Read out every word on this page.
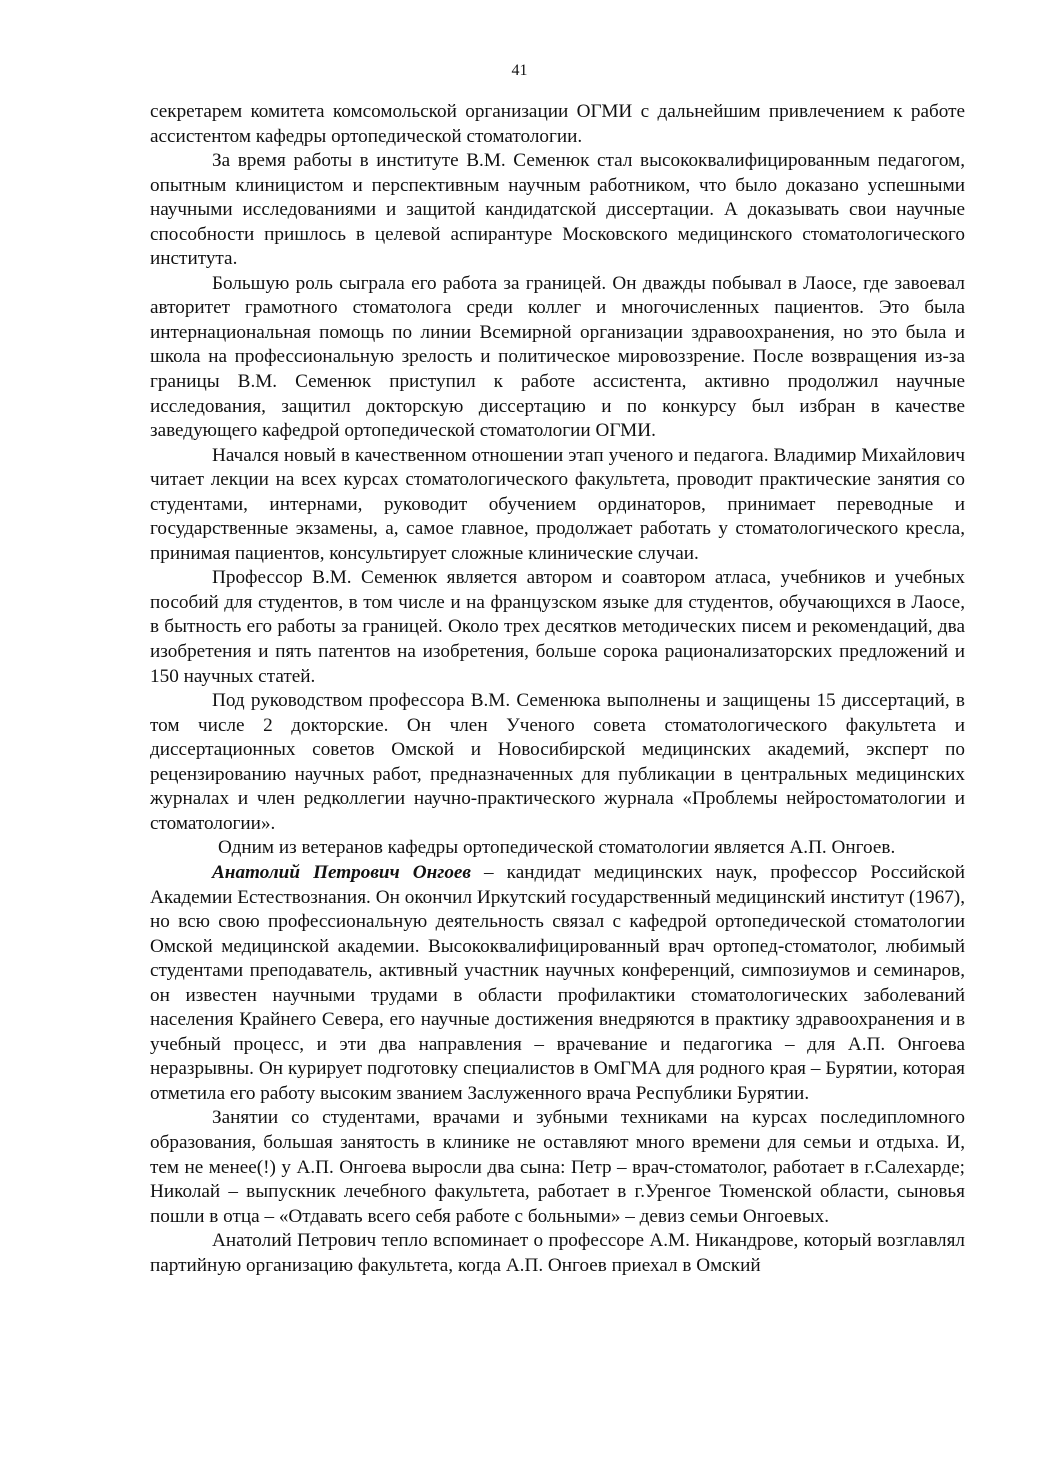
41

секретарем комитета комсомольской организации ОГМИ с дальнейшим привлечением к работе ассистентом кафедры ортопедической стоматологии.

За время работы в институте В.М. Семенюк стал высококвалифицированным педагогом, опытным клиницистом и перспективным научным работником, что было доказано успешными научными исследованиями и защитой кандидатской диссертации. А доказывать свои научные способности пришлось в целевой аспирантуре Московского медицинского стоматологического института.

Большую роль сыграла его работа за границей. Он дважды побывал в Лаосе, где завоевал авторитет грамотного стоматолога среди коллег и многочисленных пациентов. Это была интернациональная помощь по линии Всемирной организации здравоохранения, но это была и школа на профессиональную зрелость и политическое мировоззрение. После возвращения из-за границы В.М. Семенюк приступил к работе ассистента, активно продолжил научные исследования, защитил докторскую диссертацию и по конкурсу был избран в качестве заведующего кафедрой ортопедической стоматологии ОГМИ.

Начался новый в качественном отношении этап ученого и педагога. Владимир Михайлович читает лекции на всех курсах стоматологического факультета, проводит практические занятия со студентами, интернами, руководит обучением ординаторов, принимает переводные и государственные экзамены, а, самое главное, продолжает работать у стоматологического кресла, принимая пациентов, консультирует сложные клинические случаи.

Профессор В.М. Семенюк является автором и соавтором атласа, учебников и учебных пособий для студентов, в том числе и на французском языке для студентов, обучающихся в Лаосе, в бытность его работы за границей. Около трех десятков методических писем и рекомендаций, два изобретения и пять патентов на изобретения, больше сорока рационализаторских предложений и 150 научных статей.

Под руководством профессора В.М. Семенюка выполнены и защищены 15 диссертаций, в том числе 2 докторские. Он член Ученого совета стоматологического факультета и диссертационных советов Омской и Новосибирской медицинских академий, эксперт по рецензированию научных работ, предназначенных для публикации в центральных медицинских журналах и член редколлегии научно-практического журнала «Проблемы нейростоматологии и стоматологии».

Одним из ветеранов кафедры ортопедической стоматологии является А.П. Онгоев.

Анатолий Петрович Онгоев – кандидат медицинских наук, профессор Российской Академии Естествознания. Он окончил Иркутский государственный медицинский институт (1967), но всю свою профессиональную деятельность связал с кафедрой ортопедической стоматологии Омской медицинской академии. Высококвалифицированный врач ортопед-стоматолог, любимый студентами преподаватель, активный участник научных конференций, симпозиумов и семинаров, он известен научными трудами в области профилактики стоматологических заболеваний населения Крайнего Севера, его научные достижения внедряются в практику здравоохранения и в учебный процесс, и эти два направления – врачевание и педагогика – для А.П. Онгоева неразрывны. Он курирует подготовку специалистов в ОмГМА для родного края – Бурятии, которая отметила его работу высоким званием Заслуженного врача Республики Бурятии.

Занятии со студентами, врачами и зубными техниками на курсах последипломного образования, большая занятость в клинике не оставляют много времени для семьи и отдыха. И, тем не менее(!) у А.П. Онгоева выросли два сына: Петр – врач-стоматолог, работает в г.Салехарде; Николай – выпускник лечебного факультета, работает в г.Уренгое Тюменской области, сыновья пошли в отца – «Отдавать всего себя работе с больными» – девиз семьи Онгоевых.

Анатолий Петрович тепло вспоминает о профессоре А.М. Никандрове, который возглавлял партийную организацию факультета, когда А.П. Онгоев приехал в Омский
